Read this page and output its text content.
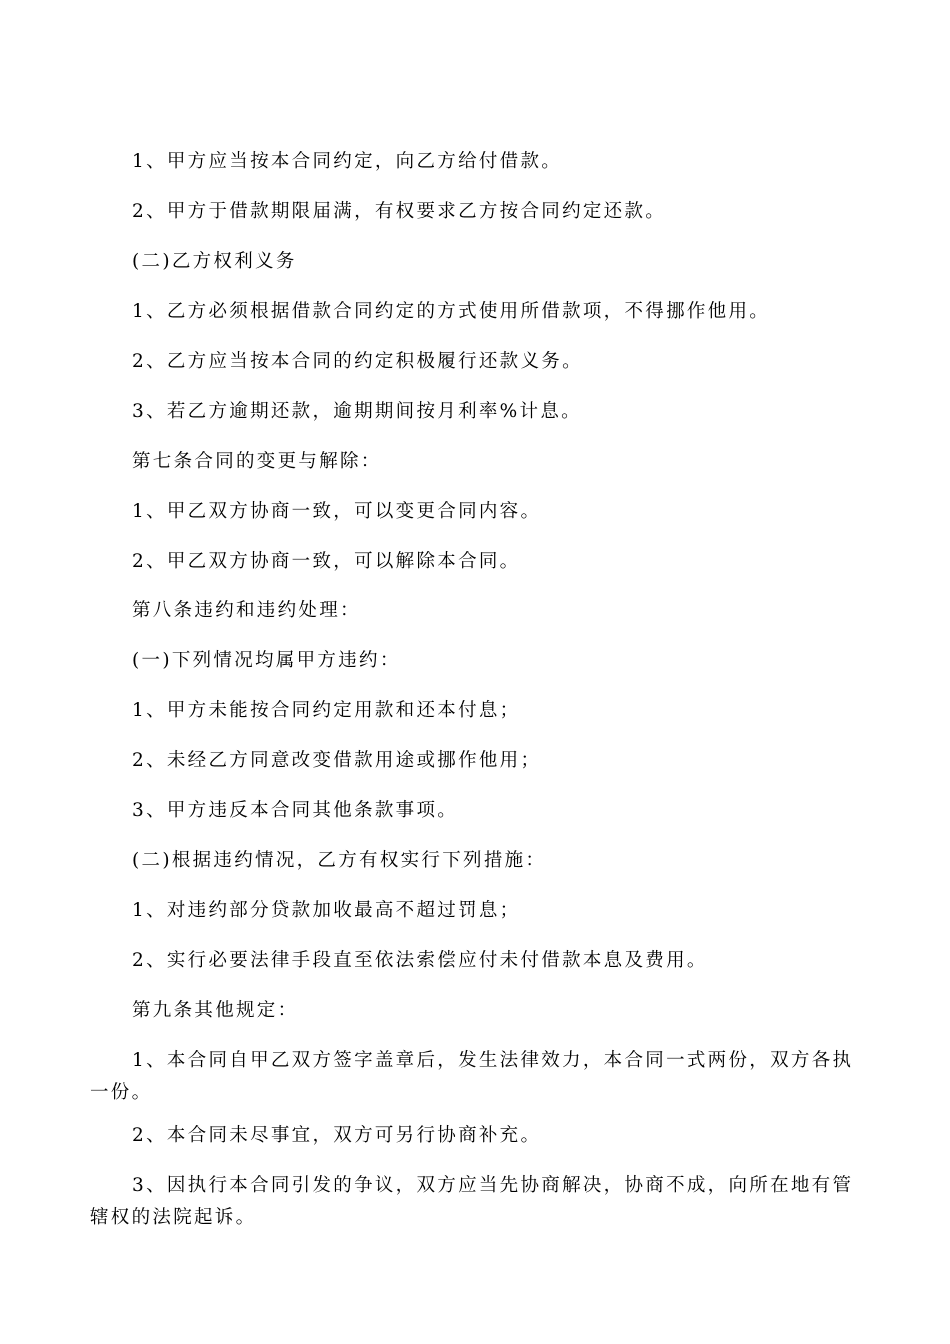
1、甲方应当按本合同约定，向乙方给付借款。

2、甲方于借款期限届满，有权要求乙方按合同约定还款。

(二)乙方权利义务

1、乙方必须根据借款合同约定的方式使用所借款项，不得挪作他用。

2、乙方应当按本合同的约定积极履行还款义务。

3、若乙方逾期还款，逾期期间按月利率%计息。

第七条合同的变更与解除：

1、甲乙双方协商一致，可以变更合同内容。

2、甲乙双方协商一致，可以解除本合同。

第八条违约和违约处理：

(一)下列情况均属甲方违约：

1、甲方未能按合同约定用款和还本付息；

2、未经乙方同意改变借款用途或挪作他用；

3、甲方违反本合同其他条款事项。

(二)根据违约情况，乙方有权实行下列措施：

1、对违约部分贷款加收最高不超过罚息；

2、实行必要法律手段直至依法索偿应付未付借款本息及费用。

第九条其他规定：

1、本合同自甲乙双方签字盖章后，发生法律效力，本合同一式两份，双方各执一份。

2、本合同未尽事宜，双方可另行协商补充。

3、因执行本合同引发的争议，双方应当先协商解决，协商不成，向所在地有管辖权的法院起诉。
